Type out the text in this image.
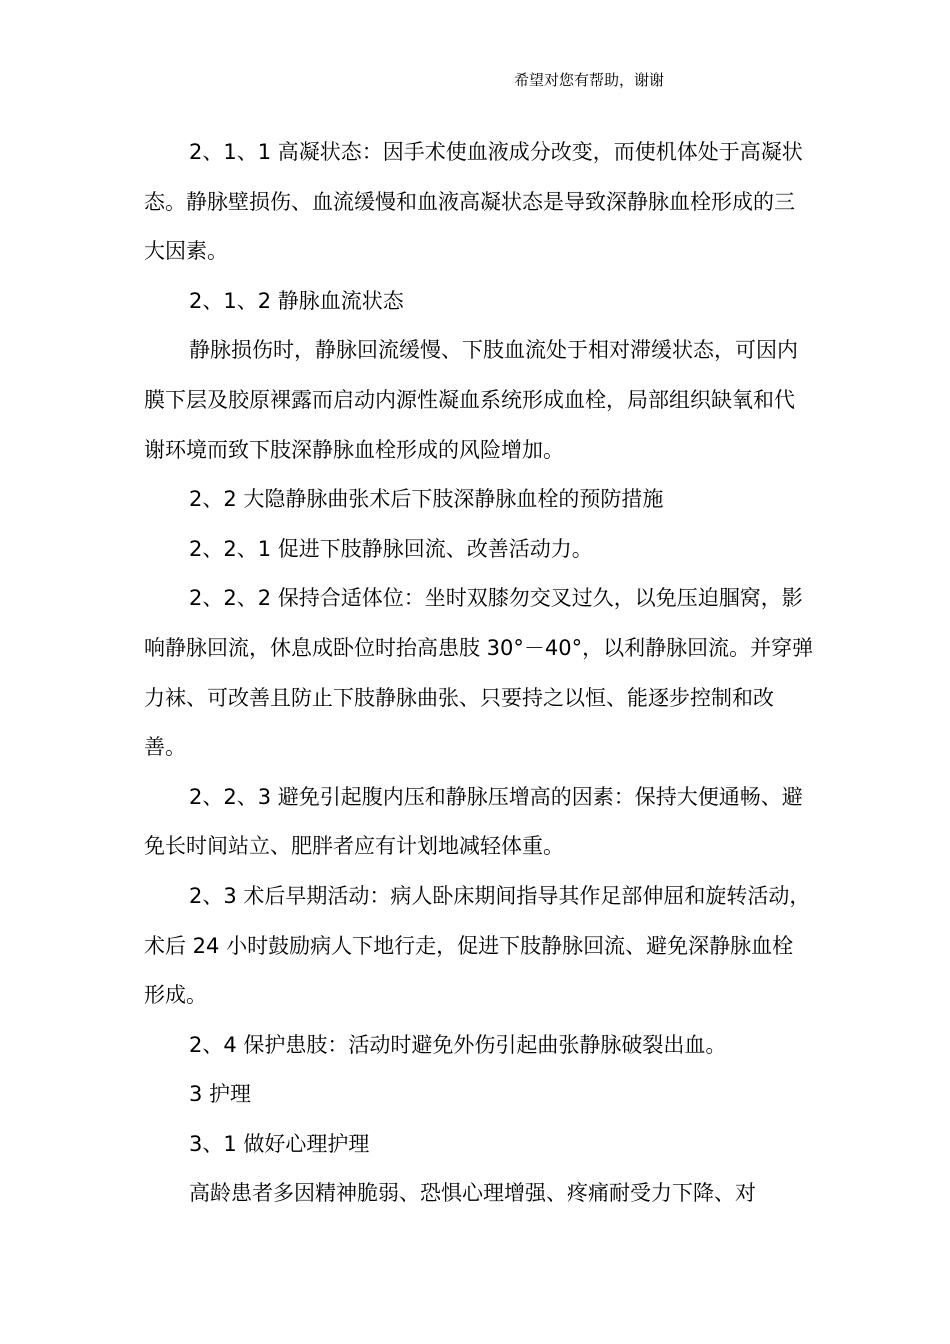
希望对您有帮助，谢谢

2、1、1 高凝状态：因手术使血液成分改变，而使机体处于高凝状态。静脉壁损伤、血流缓慢和血液高凝状态是导致深静脉血栓形成的三大因素。

2、1、2 静脉血流状态

静脉损伤时，静脉回流缓慢、下肢血流处于相对滞缓状态，可因内膜下层及胶原裸露而启动内源性凝血系统形成血栓，局部组织缺氧和代谢环境而致下肢深静脉血栓形成的风险增加。

2、2 大隐静脉曲张术后下肢深静脉血栓的预防措施

2、2、1 促进下肢静脉回流、改善活动力。

2、2、2 保持合适体位：坐时双膝勿交叉过久，以免压迫腘窝，影响静脉回流，休息成卧位时抬高患肢 30°－40°，以利静脉回流。并穿弹力袜、可改善且防止下肢静脉曲张、只要持之以恒、能逐步控制和改善。

2、2、3 避免引起腹内压和静脉压增高的因素：保持大便通畅、避免长时间站立、肥胖者应有计划地减轻体重。

2、3 术后早期活动：病人卧床期间指导其作足部伸屈和旋转活动，术后 24 小时鼓励病人下地行走，促进下肢静脉回流、避免深静脉血栓形成。

2、4 保护患肢：活动时避免外伤引起曲张静脉破裂出血。

3 护理

3、1 做好心理护理

高龄患者多因精神脆弱、恐惧心理增强、疼痛耐受力下降、对
